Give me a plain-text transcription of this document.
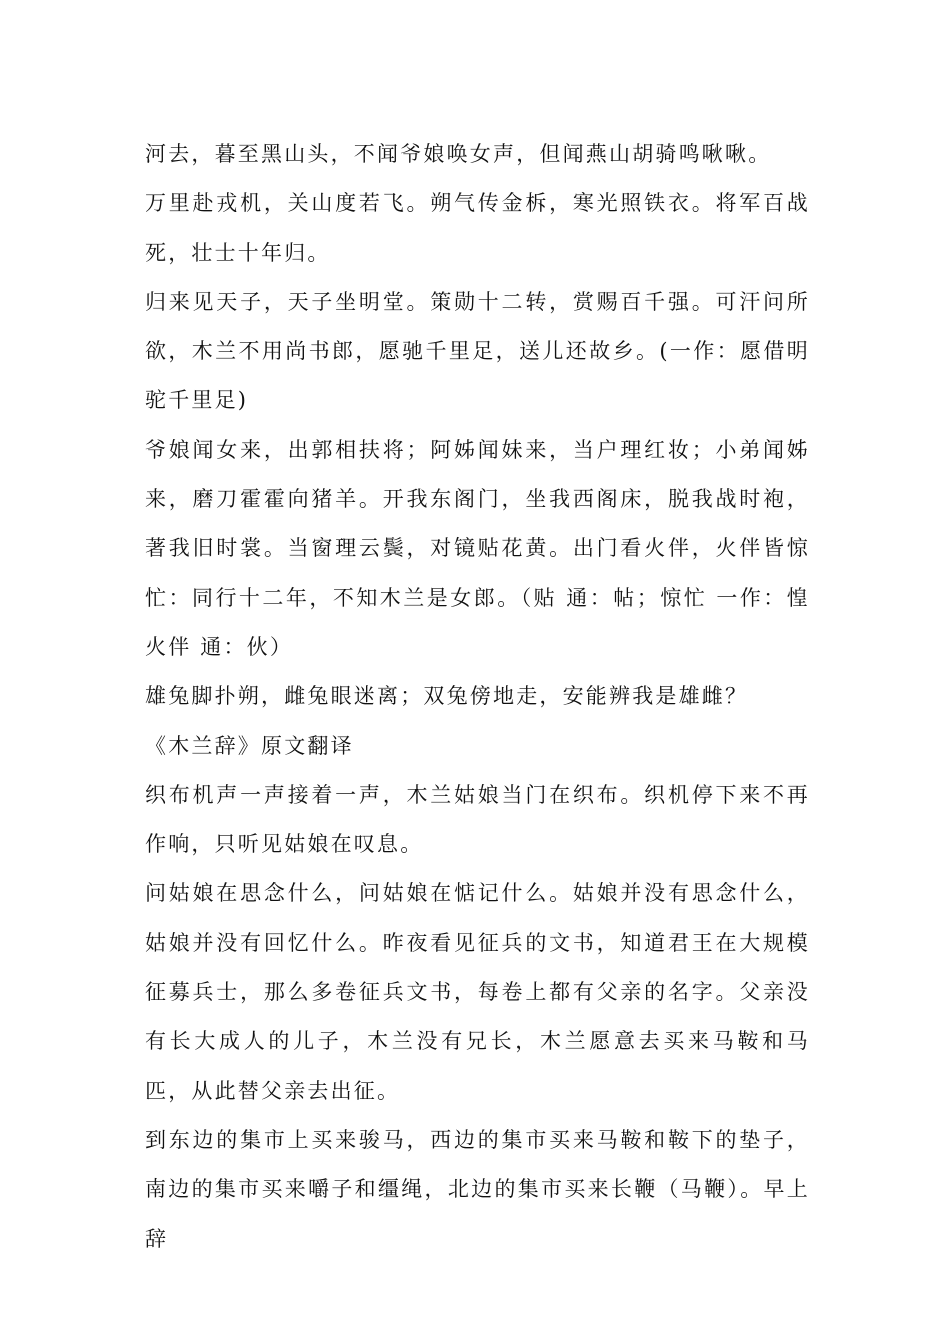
河去，暮至黑山头，不闻爷娘唤女声，但闻燕山胡骑鸣啾啾。

万里赴戎机，关山度若飞。朔气传金柝，寒光照铁衣。将军百战死，壮士十年归。

归来见天子，天子坐明堂。策勋十二转，赏赐百千强。可汗问所欲，木兰不用尚书郎，愿驰千里足，送儿还故乡。(一作：愿借明驼千里足)

爷娘闻女来，出郭相扶将；阿姊闻妹来，当户理红妆；小弟闻姊来，磨刀霍霍向猪羊。开我东阁门，坐我西阁床，脱我战时袍，著我旧时裳。当窗理云鬓，对镜贴花黄。出门看火伴，火伴皆惊忙：同行十二年，不知木兰是女郎。（贴 通：帖；惊忙 一作：惶 火伴 通：伙）

雄兔脚扑朔，雌兔眼迷离；双兔傍地走，安能辨我是雄雌？

《木兰辞》原文翻译

织布机声一声接着一声，木兰姑娘当门在织布。织机停下来不再作响，只听见姑娘在叹息。

问姑娘在思念什么，问姑娘在惦记什么。姑娘并没有思念什么，姑娘并没有回忆什么。昨夜看见征兵的文书，知道君王在大规模征募兵士，那么多卷征兵文书，每卷上都有父亲的名字。父亲没有长大成人的儿子，木兰没有兄长，木兰愿意去买来马鞍和马匹，从此替父亲去出征。

到东边的集市上买来骏马，西边的集市买来马鞍和鞍下的垫子，南边的集市买来嚼子和缰绳，北边的集市买来长鞭（马鞭）。早上辞
